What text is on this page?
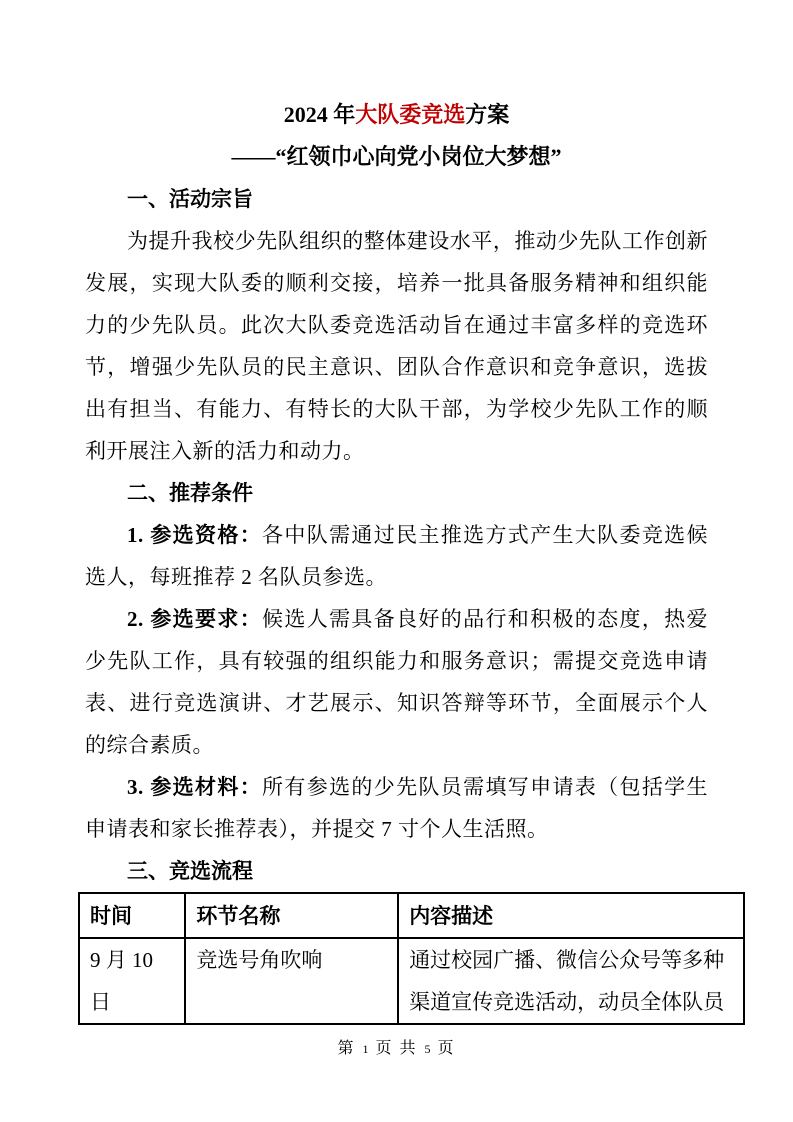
2024 年大队委竞选方案
——“红领巾心向党小岗位大梦想”
一、活动宗旨

为提升我校少先队组织的整体建设水平，推动少先队工作创新发展，实现大队委的顺利交接，培养一批具备服务精神和组织能力的少先队员。此次大队委竞选活动旨在通过丰富多样的竞选环节，增强少先队员的民主意识、团队合作意识和竞争意识，选拔出有担当、有能力、有特长的大队干部，为学校少先队工作的顺利开展注入新的活力和动力。

二、推荐条件

1. 参选资格：各中队需通过民主推选方式产生大队委竞选候选人，每班推荐 2 名队员参选。

2. 参选要求：候选人需具备良好的品行和积极的态度，热爱少先队工作，具有较强的组织能力和服务意识；需提交竞选申请表、进行竞选演讲、才艺展示、知识答辩等环节，全面展示个人的综合素质。

3. 参选材料：所有参选的少先队员需填写申请表（包括学生申请表和家长推荐表），并提交 7 寸个人生活照。

三、竞选流程
时间	环节名称	内容描述
9 月 10 日	竞选号角吹响	通过校园广播、微信公众号等多种渠道宣传竞选活动，动员全体队员
第 1 页 共 5 页
